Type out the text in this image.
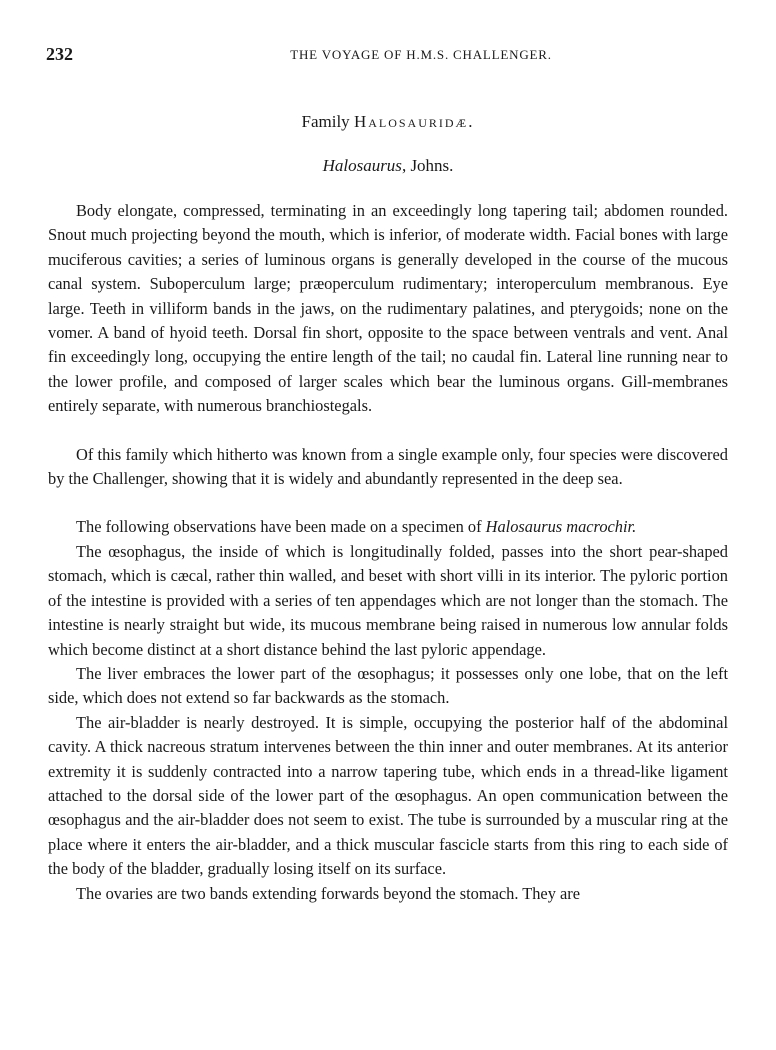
232	THE VOYAGE OF H.M.S. CHALLENGER.
Family Halosauridæ.
Halosaurus, Johns.

Body elongate, compressed, terminating in an exceedingly long tapering tail; abdomen rounded. Snout much projecting beyond the mouth, which is inferior, of moderate width. Facial bones with large muciferous cavities; a series of luminous organs is generally developed in the course of the mucous canal system. Suboperculum large; præoperculum rudimentary; interoperculum membranous. Eye large. Teeth in villiform bands in the jaws, on the rudimentary palatines, and pterygoids; none on the vomer. A band of hyoid teeth. Dorsal fin short, opposite to the space between ventrals and vent. Anal fin exceedingly long, occupying the entire length of the tail; no caudal fin. Lateral line running near to the lower profile, and composed of larger scales which bear the luminous organs. Gill-membranes entirely separate, with numerous branchiostegals.

Of this family which hitherto was known from a single example only, four species were discovered by the Challenger, showing that it is widely and abundantly represented in the deep sea.

The following observations have been made on a specimen of Halosaurus macrochir.

The œsophagus, the inside of which is longitudinally folded, passes into the short pear-shaped stomach, which is cæcal, rather thin walled, and beset with short villi in its interior. The pyloric portion of the intestine is provided with a series of ten appendages which are not longer than the stomach. The intestine is nearly straight but wide, its mucous membrane being raised in numerous low annular folds which become distinct at a short distance behind the last pyloric appendage.

The liver embraces the lower part of the œsophagus; it possesses only one lobe, that on the left side, which does not extend so far backwards as the stomach.

The air-bladder is nearly destroyed. It is simple, occupying the posterior half of the abdominal cavity. A thick nacreous stratum intervenes between the thin inner and outer membranes. At its anterior extremity it is suddenly contracted into a narrow tapering tube, which ends in a thread-like ligament attached to the dorsal side of the lower part of the œsophagus. An open communication between the œsophagus and the air-bladder does not seem to exist. The tube is surrounded by a muscular ring at the place where it enters the air-bladder, and a thick muscular fascicle starts from this ring to each side of the body of the bladder, gradually losing itself on its surface.

The ovaries are two bands extending forwards beyond the stomach. They are
